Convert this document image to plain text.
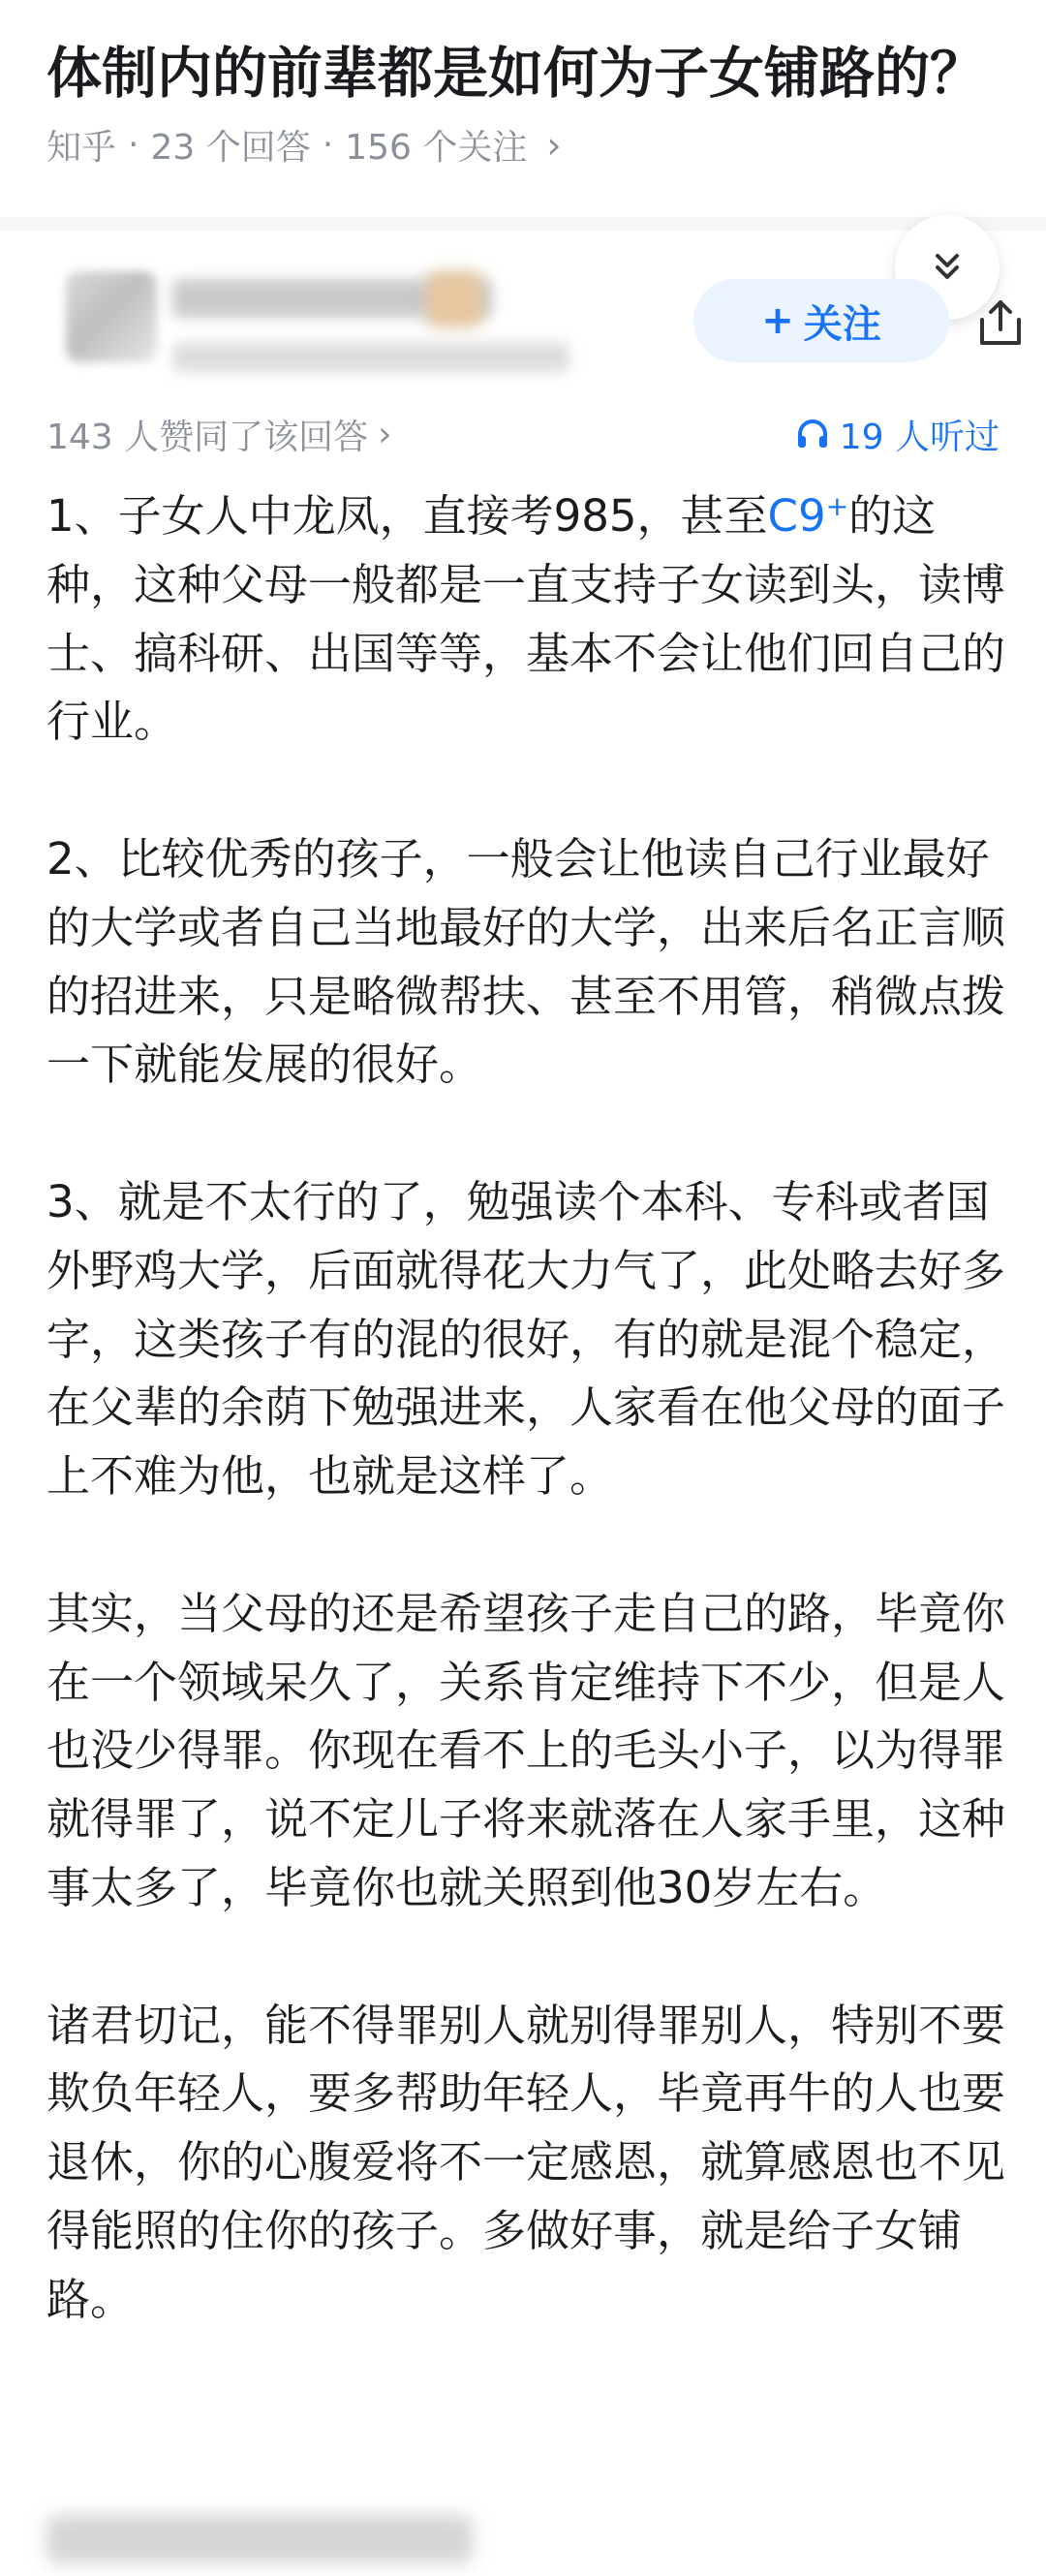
体制内的前辈都是如何为子女铺路的？
知乎 · 23 个回答 · 156 个关注 ›
+ 关注
143 人赞同了该回答 ›	19 人听过

1、子女人中龙凤，直接考985，甚至C9+的这种，这种父母一般都是一直支持子女读到头，读博士、搞科研、出国等等，基本不会让他们回自己的行业。

2、比较优秀的孩子，一般会让他读自己行业最好的大学或者自己当地最好的大学，出来后名正言顺的招进来，只是略微帮扶、甚至不用管，稍微点拨一下就能发展的很好。

3、就是不太行的了，勉强读个本科、专科或者国外野鸡大学，后面就得花大力气了，此处略去好多字，这类孩子有的混的很好，有的就是混个稳定，在父辈的余荫下勉强进来，人家看在他父母的面子上不难为他，也就是这样了。

其实，当父母的还是希望孩子走自己的路，毕竟你在一个领域呆久了，关系肯定维持下不少，但是人也没少得罪。你现在看不上的毛头小子，以为得罪就得罪了，说不定儿子将来就落在人家手里，这种事太多了，毕竟你也就关照到他30岁左右。

诸君切记，能不得罪别人就别得罪别人，特别不要欺负年轻人，要多帮助年轻人，毕竟再牛的人也要退休，你的心腹爱将不一定感恩，就算感恩也不见得能照的住你的孩子。多做好事，就是给子女铺路。
